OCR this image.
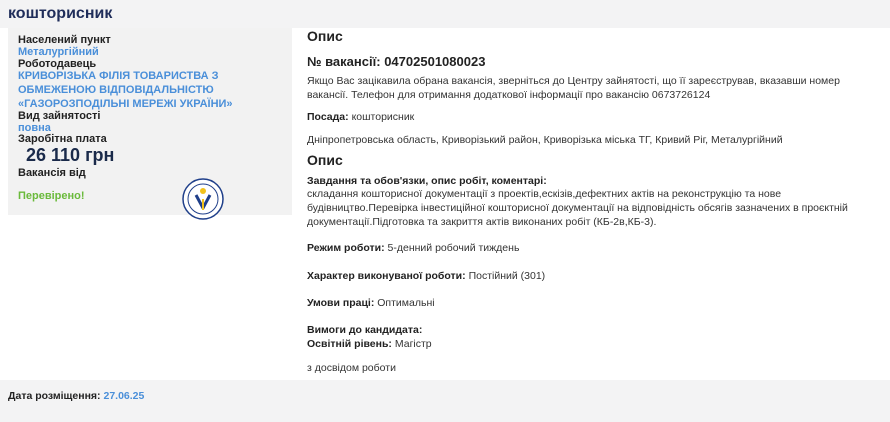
кошторисник
Населений пункт
Металургійний
Роботодавець
КРИВОРІЗЬКА ФІЛІЯ ТОВАРИСТВА З ОБМЕЖЕНОЮ ВІДПОВІДАЛЬНІСТЮ «ГАЗОРОЗПОДІЛЬНІ МЕРЕЖІ УКРАЇНИ»
Вид зайнятості
повна
Заробітна плата
26 110 грн
Вакансія від
Перевірено!
Опис
№ вакансії: 04702501080023
Якщо Вас зацікавила обрана вакансія, зверніться до Центру зайнятості, що її зареєстрував, вказавши номер вакансії. Телефон для отримання додаткової інформації про вакансію 0673726124
Посада: кошторисник
Дніпропетровська область, Криворізький район, Криворізька міська ТГ, Кривий Ріг, Металургійний
Опис
Завдання та обов'язки, опис робіт, коментарі:
складання кошторисної документації з проектів,ескізів,дефектних актів на реконструкцію та нове будівництво.Перевірка інвестиційної кошторисної документації на відповідність обсягів зазначених в проєктній документації.Підготовка та закриття актів виконаних робіт (КБ-2в,КБ-3).
Режим роботи: 5-денний робочий тиждень
Характер виконуваної роботи: Постійний (301)
Умови праці: Оптимальні
Вимоги до кандидата:
Освітній рівень: Магістр
з досвідом роботи
Дата розміщення: 27.06.25
